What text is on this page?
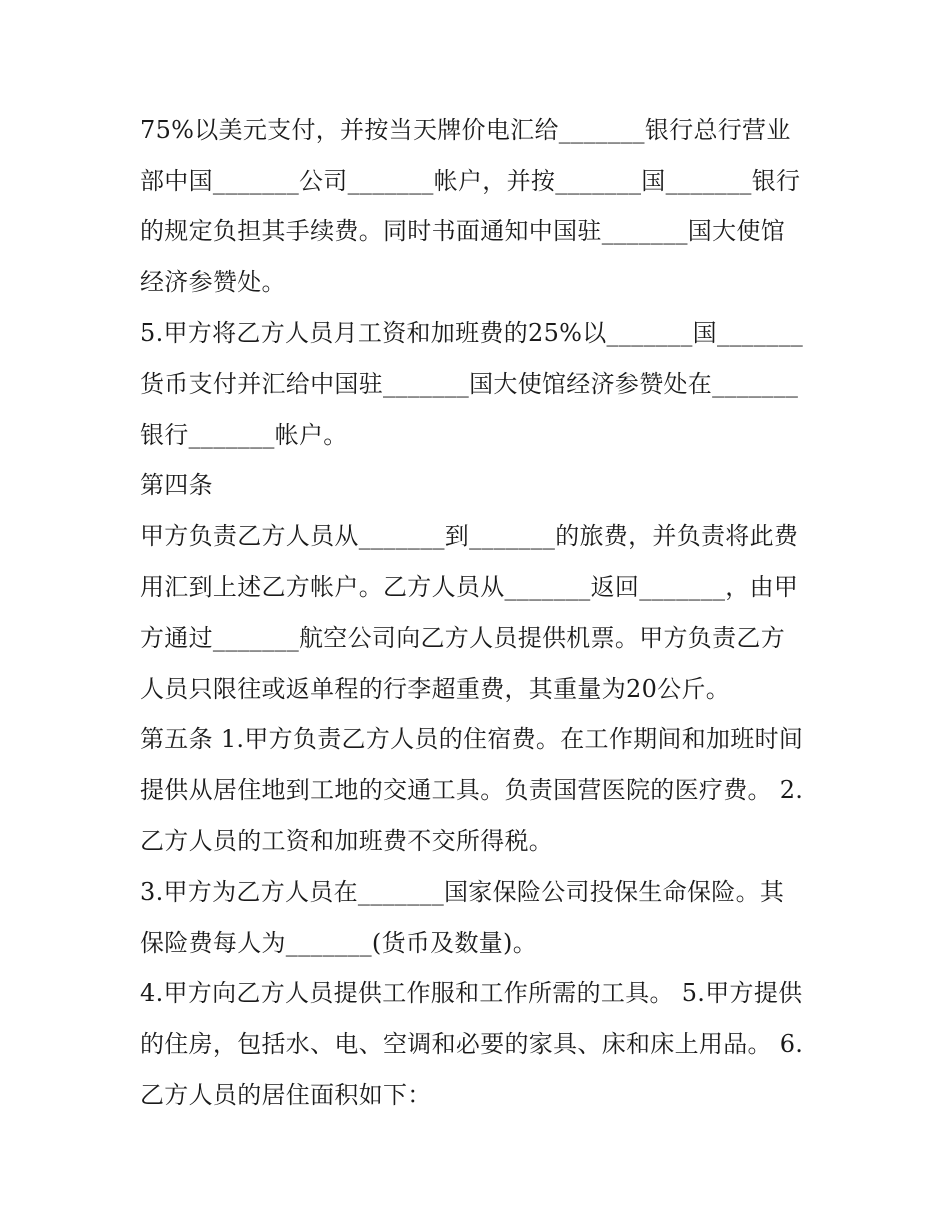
75%以美元支付，并按当天牌价电汇给_______银行总行营业
部中国_______公司_______帐户，并按_______国_______银行
的规定负担其手续费。同时书面通知中国驻_______国大使馆
经济参赞处。
5.甲方将乙方人员月工资和加班费的25%以_______国_______
货币支付并汇给中国驻_______国大使馆经济参赞处在_______
银行_______帐户。
第四条
甲方负责乙方人员从_______到_______的旅费，并负责将此费
用汇到上述乙方帐户。乙方人员从_______返回_______，由甲
方通过_______航空公司向乙方人员提供机票。甲方负责乙方
人员只限往或返单程的行李超重费，其重量为20公斤。
第五条 1.甲方负责乙方人员的住宿费。在工作期间和加班时间
提供从居住地到工地的交通工具。负责国营医院的医疗费。 2.
乙方人员的工资和加班费不交所得税。
3.甲方为乙方人员在_______国家保险公司投保生命保险。其
保险费每人为_______(货币及数量)。
4.甲方向乙方人员提供工作服和工作所需的工具。 5.甲方提供
的住房，包括水、电、空调和必要的家具、床和床上用品。 6.
乙方人员的居住面积如下：
